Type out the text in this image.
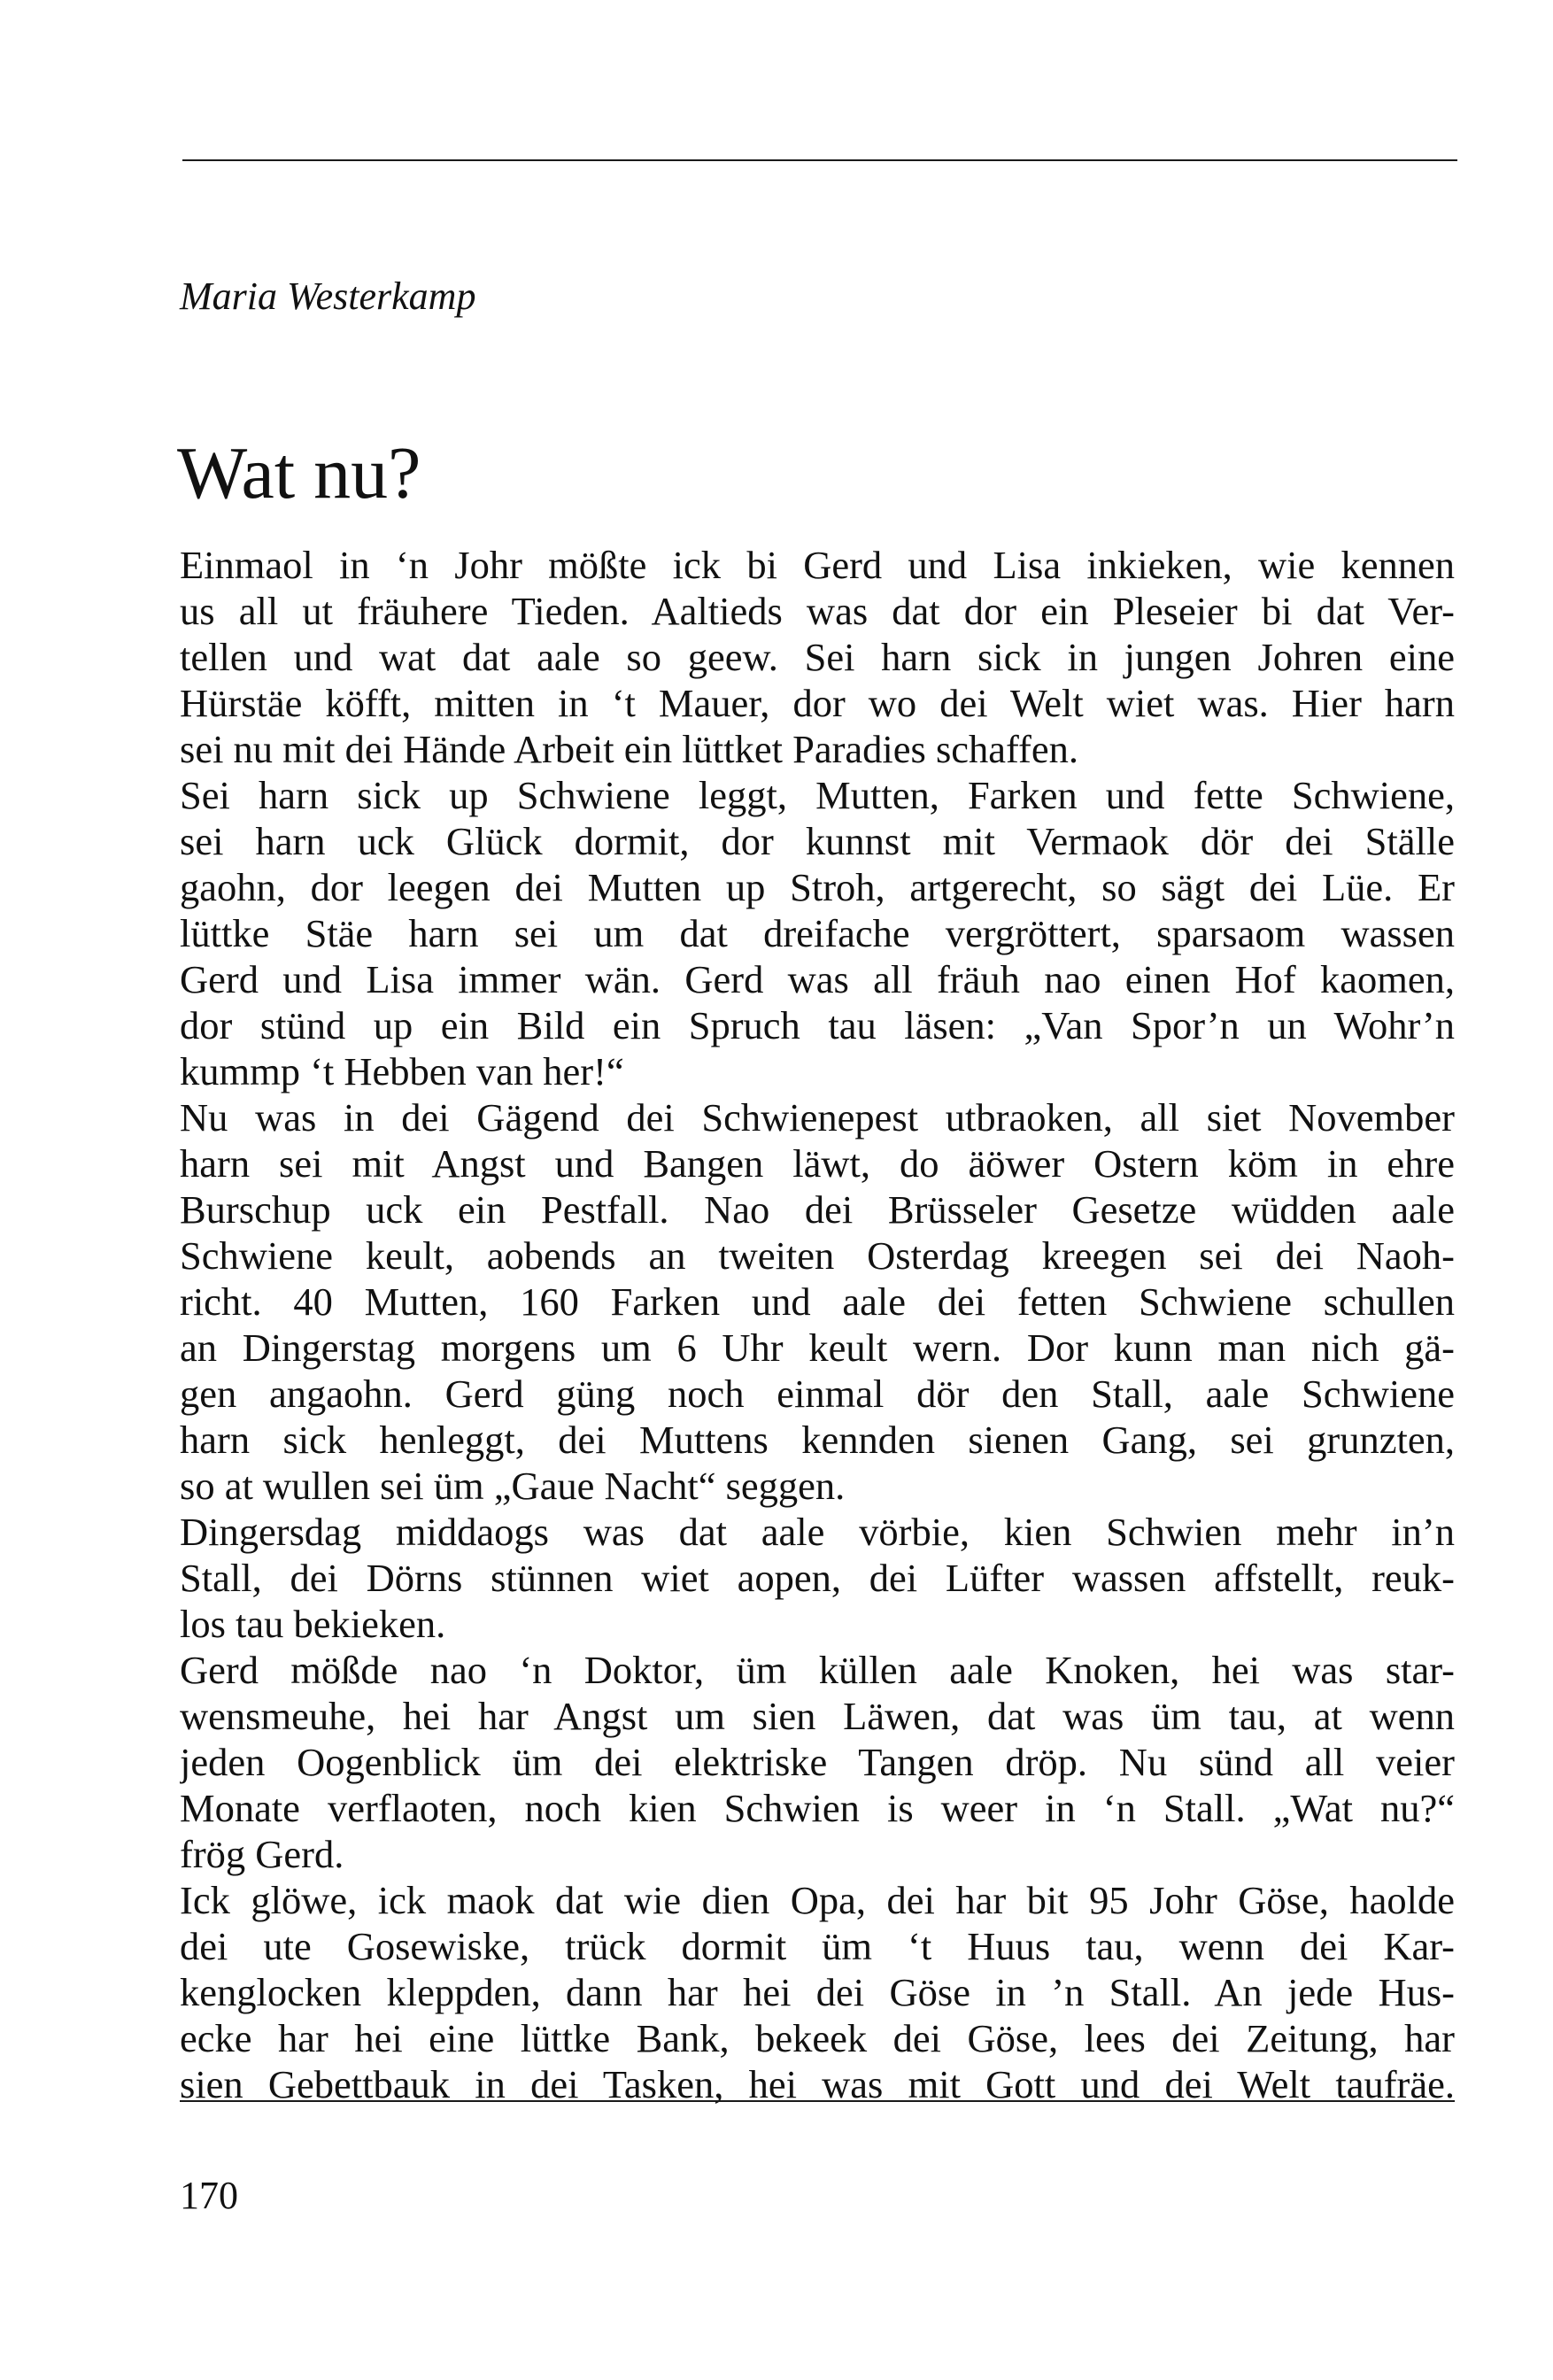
Maria Westerkamp
Wat nu?
Einmaol in ‘n Johr mößte ick bi Gerd und Lisa inkieken, wie kennen
us all ut fräuhere Tieden. Aaltieds was dat dor ein Pleseier bi dat Ver-
tellen und wat dat aale so geew. Sei harn sick in jungen Johren eine
Hürstäe köfft, mitten in ‘t Mauer, dor wo dei Welt wiet was. Hier harn
sei nu mit dei Hände Arbeit ein lüttket Paradies schaffen.
Sei harn sick up Schwiene leggt, Mutten, Farken und fette Schwiene,
sei harn uck Glück dormit, dor kunnst mit Vermaok dör dei Ställe
gaohn, dor leegen dei Mutten up Stroh, artgerecht, so sägt dei Lüe. Er
lüttke Stäe harn sei um dat dreifache vergröttert, sparsaom wassen
Gerd und Lisa immer wän. Gerd was all fräuh nao einen Hof kaomen,
dor stünd up ein Bild ein Spruch tau läsen: „Van Spor’n un Wohr’n
kummp ‘t Hebben van her!“
Nu was in dei Gägend dei Schwienepest utbraoken, all siet November
harn sei mit Angst und Bangen läwt, do äöwer Ostern köm in ehre
Burschup uck ein Pestfall. Nao dei Brüsseler Gesetze wüdden aale
Schwiene keult, aobends an tweiten Osterdag kreegen sei dei Naoh-
richt. 40 Mutten, 160 Farken und aale dei fetten Schwiene schullen
an Dingerstag morgens um 6 Uhr keult wern. Dor kunn man nich gä-
gen angaohn. Gerd güng noch einmal dör den Stall, aale Schwiene
harn sick henleggt, dei Muttens kennden sienen Gang, sei grunzten,
so at wullen sei üm „Gaue Nacht“ seggen.
Dingersdag middaogs was dat aale vörbie, kien Schwien mehr in’n
Stall, dei Dörns stünnen wiet aopen, dei Lüfter wassen affstellt, reuk-
los tau bekieken.
Gerd mößde nao ‘n Doktor, üm küllen aale Knoken, hei was star-
wensmeuhe, hei har Angst um sien Läwen, dat was üm tau, at wenn
jeden Oogenblick üm dei elektriske Tangen dröp. Nu sünd all veier
Monate verflaoten, noch kien Schwien is weer in ‘n Stall. „Wat nu?“
frög Gerd.
Ick glöwe, ick maok dat wie dien Opa, dei har bit 95 Johr Göse, haolde
dei ute Gosewiske, trück dormit üm ‘t Huus tau, wenn dei Kar-
kenglocken kleppden, dann har hei dei Göse in ’n Stall. An jede Hus-
ecke har hei eine lüttke Bank, bekeek dei Göse, lees dei Zeitung, har
sien Gebettbauk in dei Tasken, hei was mit Gott und dei Welt taufräe.
170
